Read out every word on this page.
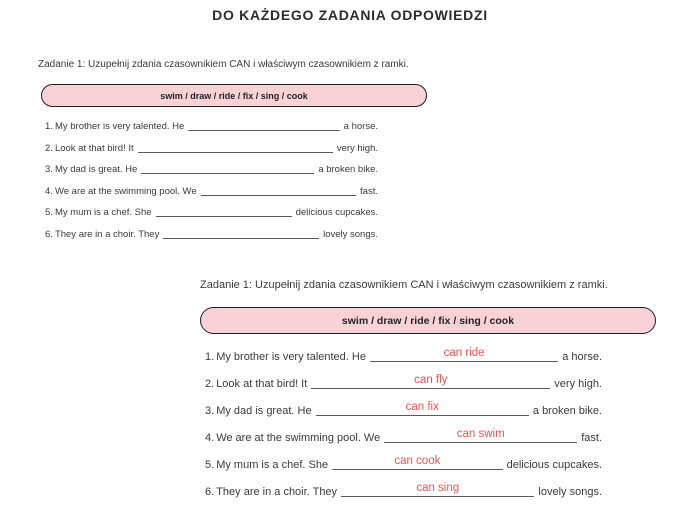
DO KAŻDEGO ZADANIA ODPOWIEDZI

Zadanie 1: Uzupełnij zdania czasownikiem CAN i właściwym czasownikiem z ramki.

swim / draw / ride / fix / sing / cook
1. My brother is very talented. He	a horse.
2. Look at that bird! It	very high.
3. My dad is great. He	a broken bike.
4. We are at the swimming pool. We	fast.
5. My mum is a chef. She	delicious cupcakes.
6. They are in a choir. They	lovely songs.

Zadanie 1: Uzupełnij zdania czasownikiem CAN i właściwym czasownikiem z ramki.

swim / draw / ride / fix / sing / cook
1. My brother is very talented. He	can ride	a horse.
2. Look at that bird! It	can fly	very high.
3. My dad is great. He	can fix	a broken bike.
4. We are at the swimming pool. We	can swim	fast.
5. My mum is a chef. She	can cook	delicious cupcakes.
6. They are in a choir. They	can sing	lovely songs.
